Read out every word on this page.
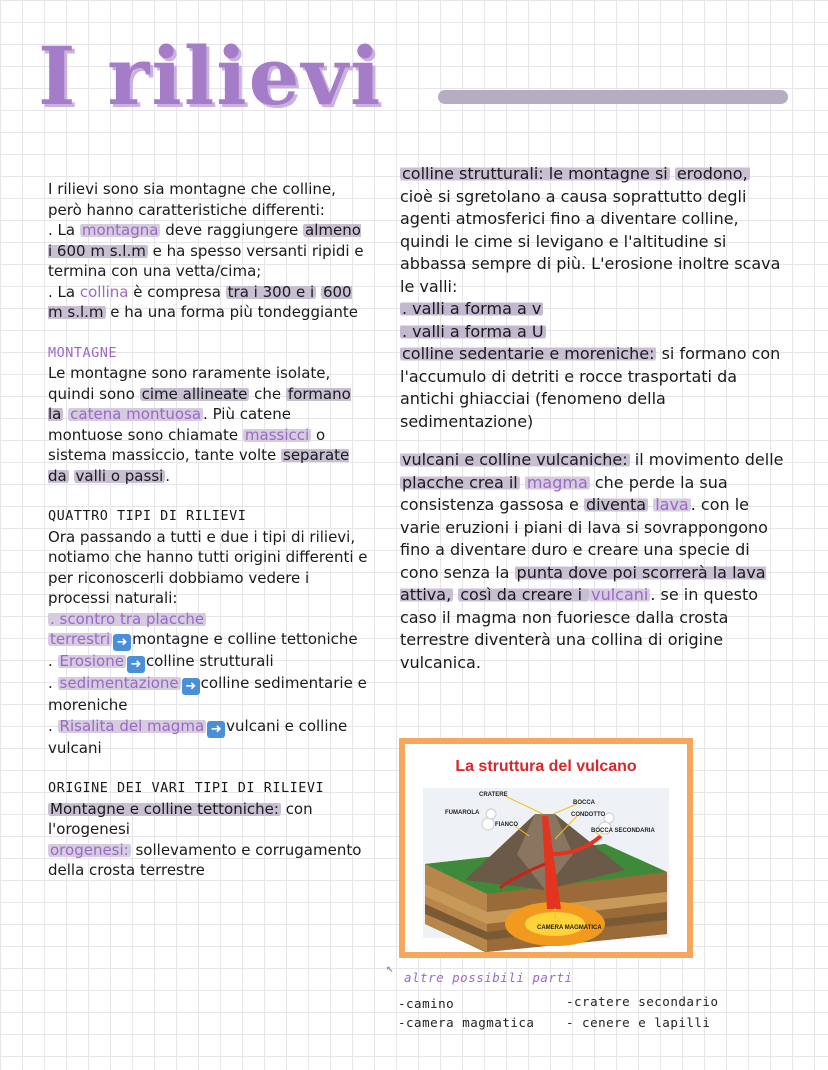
I rilievi

I rilievi sono sia montagne che colline, però hanno caratteristiche differenti:

. La montagna deve raggiungere almeno i 600 m s.l.m e ha spesso versanti ripidi e termina con una vetta/cima;

. La collina è compresa tra i 300 e i 600 m s.l.m e ha una forma più tondeggiante

MONTAGNE

Le montagne sono raramente isolate, quindi sono cime allineate che formano la catena montuosa . Più catene montuose sono chiamate massicci o sistema massiccio, tante volte separate da valli o passi .

QUATTRO TIPI DI RILIEVI

Ora passando a tutti e due i tipi di rilievi, notiamo che hanno tutti origini differenti e per riconoscerli dobbiamo vedere i processi naturali:

. scontro tra placche
terrestri ➜ montagne e colline tettoniche

. Erosione ➜ colline strutturali

. sedimentazione ➜ colline sedimentarie e moreniche

. Risalita del magma ➜ vulcani e colline vulcani

ORIGINE DEI VARI TIPI DI RILIEVI

Montagne e colline tettoniche: con l'orogenesi
orogenesi: sollevamento e corrugamento della crosta terrestre

colline strutturali: le montagne si erodono, cioè si sgretolano a causa soprattutto degli agenti atmosferici fino a diventare colline, quindi le cime si levigano e l'altitudine si abbassa sempre di più. L'erosione inoltre scava le valli:

. valli a forma a v

. valli a forma a U

colline sedentarie e moreniche: si formano con l'accumulo di detriti e rocce trasportati da antichi ghiacciai (fenomeno della sedimentazione)

vulcani e colline vulcaniche: il movimento delle placche crea il magma che perde la sua consistenza gassosa e diventa lava . con le varie eruzioni i piani di lava si sovrappongono fino a diventare duro e creare una specie di cono senza la punta dove poi scorrerà la lava attiva, così da creare i vulcani . se in questo caso il magma non fuoriesce dalla crosta terrestre diventerà una collina di origine vulcanica.

La struttura del vulcano
CRATERE
FUMAROLA
BOCCA
CONDOTTO
FIANCO
BOCCA SECONDARIA
CAMERA MAGMATICA
↖
altre possibili parti
-camino
-camera magmatica
-cratere secondario
- cenere e lapilli
